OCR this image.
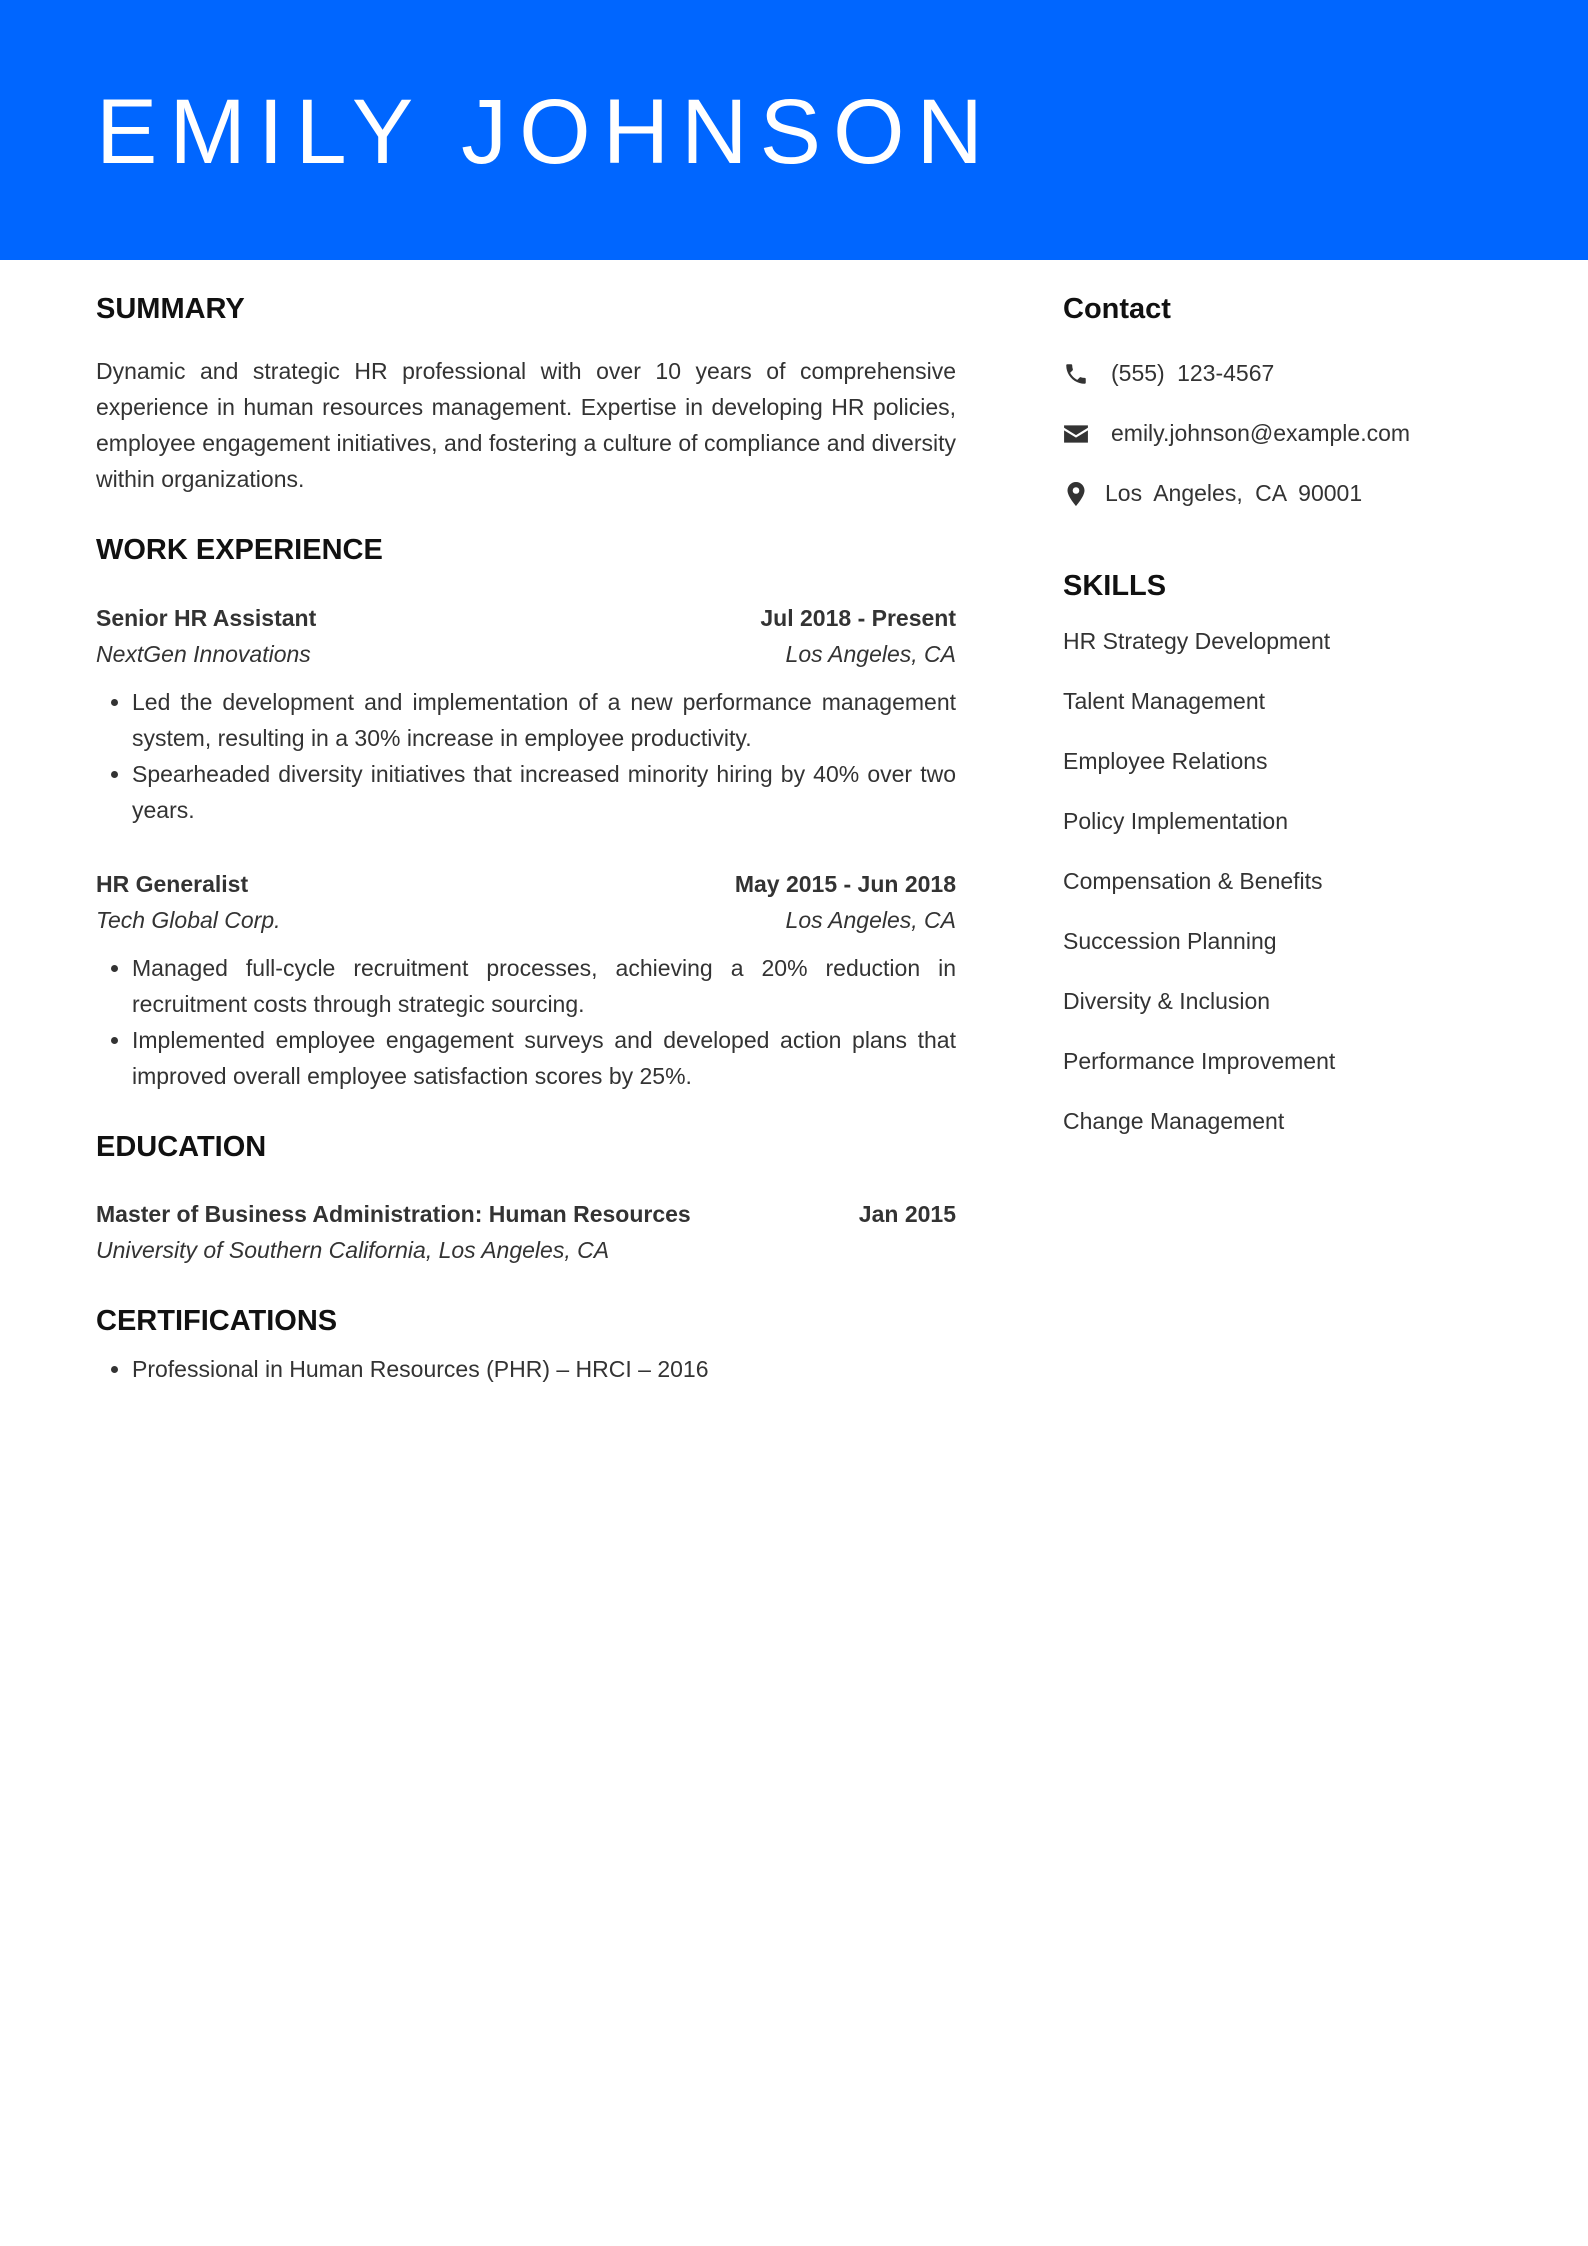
EMILY JOHNSON
SUMMARY

Dynamic and strategic HR professional with over 10 years of comprehensive experience in human resources management. Expertise in developing HR policies, employee engagement initiatives, and fostering a culture of compliance and diversity within organizations.

WORK EXPERIENCE
Senior HR Assistant	Jul 2018 - Present
NextGen Innovations	Los Angeles, CA
• Led the development and implementation of a new performance management system, resulting in a 30% increase in employee productivity.
• Spearheaded diversity initiatives that increased minority hiring by 40% over two years.
HR Generalist	May 2015 - Jun 2018
Tech Global Corp.	Los Angeles, CA
• Managed full-cycle recruitment processes, achieving a 20% reduction in recruitment costs through strategic sourcing.
• Implemented employee engagement surveys and developed action plans that improved overall employee satisfaction scores by 25%.
EDUCATION
Master of Business Administration: Human Resources	Jan 2015
University of Southern California, Los Angeles, CA
CERTIFICATIONS
• Professional in Human Resources (PHR) – HRCI – 2016
Contact
(555) 123-4567
emily.johnson@example.com
Los Angeles, CA 90001
SKILLS
HR Strategy Development
Talent Management
Employee Relations
Policy Implementation
Compensation & Benefits
Succession Planning
Diversity & Inclusion
Performance Improvement
Change Management
